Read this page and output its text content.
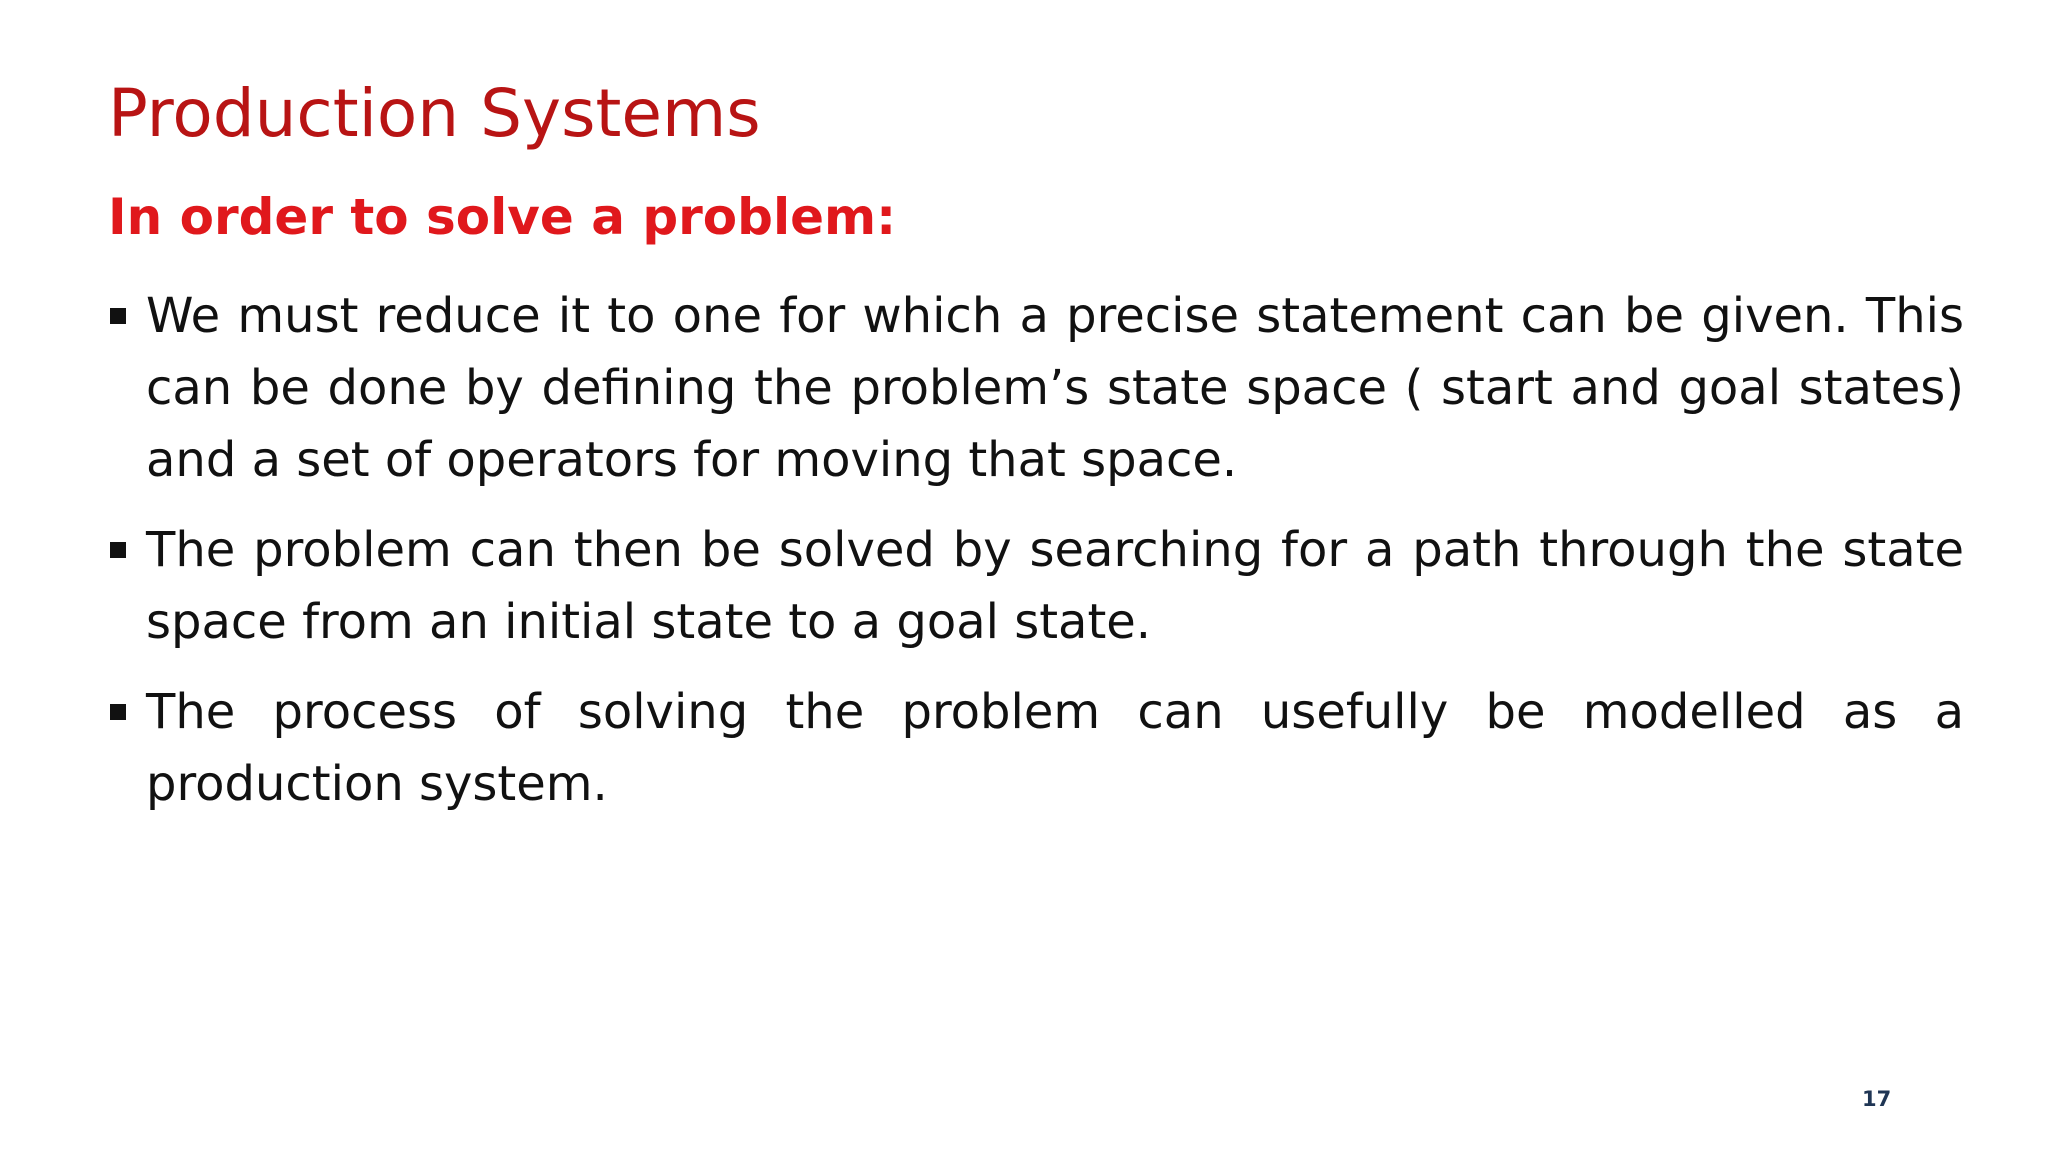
Production Systems
In order to solve a problem:
We must reduce it to one for which a precise statement can be given. This can be done by defining the problem’s state space ( start and goal states) and a set of operators for moving that space.
The problem can then be solved by searching for a path through the state space from an initial state to a goal state.
The process of solving the problem can usefully be modelled as a production system.
17
